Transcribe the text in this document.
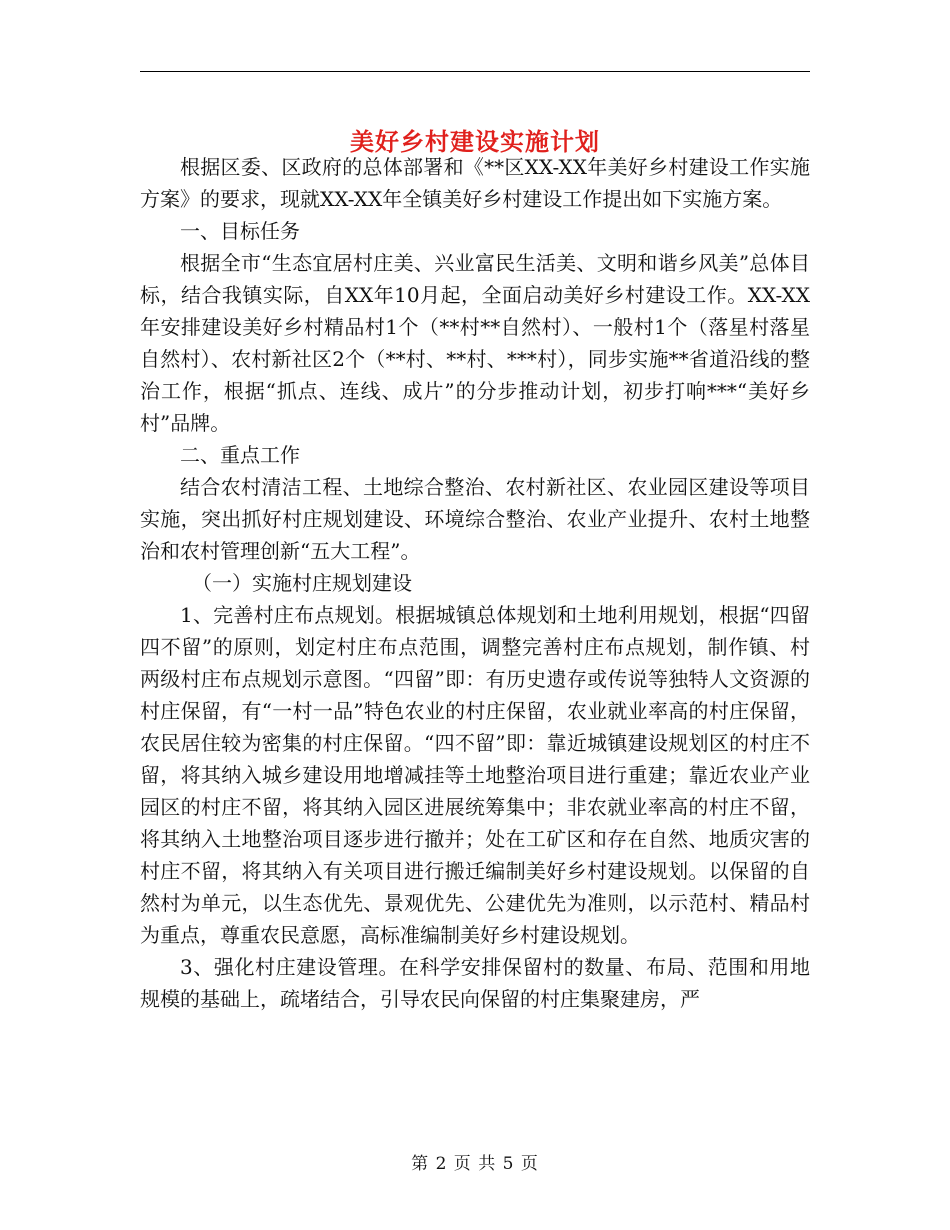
美好乡村建设实施计划

根据区委、区政府的总体部署和《**区XX-XX年美好乡村建设工作实施方案》的要求，现就XX-XX年全镇美好乡村建设工作提出如下实施方案。

一、目标任务

根据全市“生态宜居村庄美、兴业富民生活美、文明和谐乡风美”总体目标，结合我镇实际，自XX年10月起，全面启动美好乡村建设工作。XX-XX年安排建设美好乡村精品村1个（**村**自然村）、一般村1个（落星村落星自然村）、农村新社区2个（**村、**村、***村），同步实施**省道沿线的整治工作，根据“抓点、连线、成片”的分步推动计划，初步打响***“美好乡村”品牌。

二、重点工作

结合农村清洁工程、土地综合整治、农村新社区、农业园区建设等项目实施，突出抓好村庄规划建设、环境综合整治、农业产业提升、农村土地整治和农村管理创新“五大工程”。

（一）实施村庄规划建设

1、完善村庄布点规划。根据城镇总体规划和土地利用规划，根据“四留四不留”的原则，划定村庄布点范围，调整完善村庄布点规划，制作镇、村两级村庄布点规划示意图。“四留”即：有历史遗存或传说等独特人文资源的村庄保留，有“一村一品”特色农业的村庄保留，农业就业率高的村庄保留，农民居住较为密集的村庄保留。“四不留”即：靠近城镇建设规划区的村庄不留，将其纳入城乡建设用地增减挂等土地整治项目进行重建；靠近农业产业园区的村庄不留，将其纳入园区进展统筹集中；非农就业率高的村庄不留，将其纳入土地整治项目逐步进行撤并；处在工矿区和存在自然、地质灾害的村庄不留，将其纳入有关项目进行搬迁编制美好乡村建设规划。以保留的自然村为单元，以生态优先、景观优先、公建优先为准则，以示范村、精品村为重点，尊重农民意愿，高标准编制美好乡村建设规划。

3、强化村庄建设管理。在科学安排保留村的数量、布局、范围和用地规模的基础上，疏堵结合，引导农民向保留的村庄集聚建房，严

第 2 页 共 5 页
